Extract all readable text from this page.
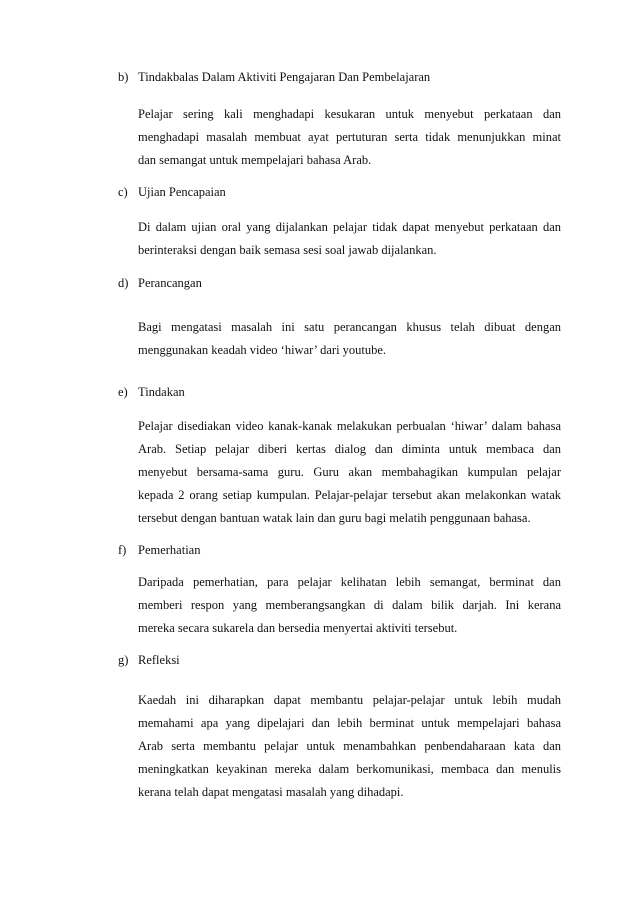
b) Tindakbalas Dalam Aktiviti Pengajaran Dan Pembelajaran
Pelajar sering kali menghadapi kesukaran untuk menyebut perkataan dan
menghadapi masalah membuat ayat pertuturan serta tidak menunjukkan minat
dan semangat untuk mempelajari bahasa Arab.
c) Ujian Pencapaian
Di dalam ujian oral yang dijalankan pelajar tidak dapat menyebut perkataan dan
berinteraksi dengan baik semasa sesi soal jawab dijalankan.
d) Perancangan
Bagi mengatasi masalah ini satu perancangan khusus telah dibuat dengan
menggunakan keadah video ‘hiwar’ dari youtube.
e) Tindakan
Pelajar disediakan video kanak-kanak melakukan perbualan ‘hiwar’ dalam bahasa
Arab. Setiap pelajar diberi kertas dialog dan diminta untuk membaca dan
menyebut bersama-sama guru. Guru akan membahagikan kumpulan pelajar
kepada 2 orang setiap kumpulan. Pelajar-pelajar tersebut akan melakonkan watak
tersebut dengan bantuan watak lain dan guru bagi melatih penggunaan bahasa.
f) Pemerhatian
Daripada pemerhatian, para pelajar kelihatan lebih semangat, berminat dan
memberi respon yang memberangsangkan di dalam bilik darjah. Ini kerana
mereka secara sukarela dan bersedia menyertai aktiviti tersebut.
g) Refleksi
Kaedah ini diharapkan dapat membantu pelajar-pelajar untuk lebih mudah
memahami apa yang dipelajari dan lebih berminat untuk mempelajari bahasa
Arab serta membantu pelajar untuk menambahkan penbendaharaan kata dan
meningkatkan keyakinan mereka dalam berkomunikasi, membaca dan menulis
kerana telah dapat mengatasi masalah yang dihadapi.
